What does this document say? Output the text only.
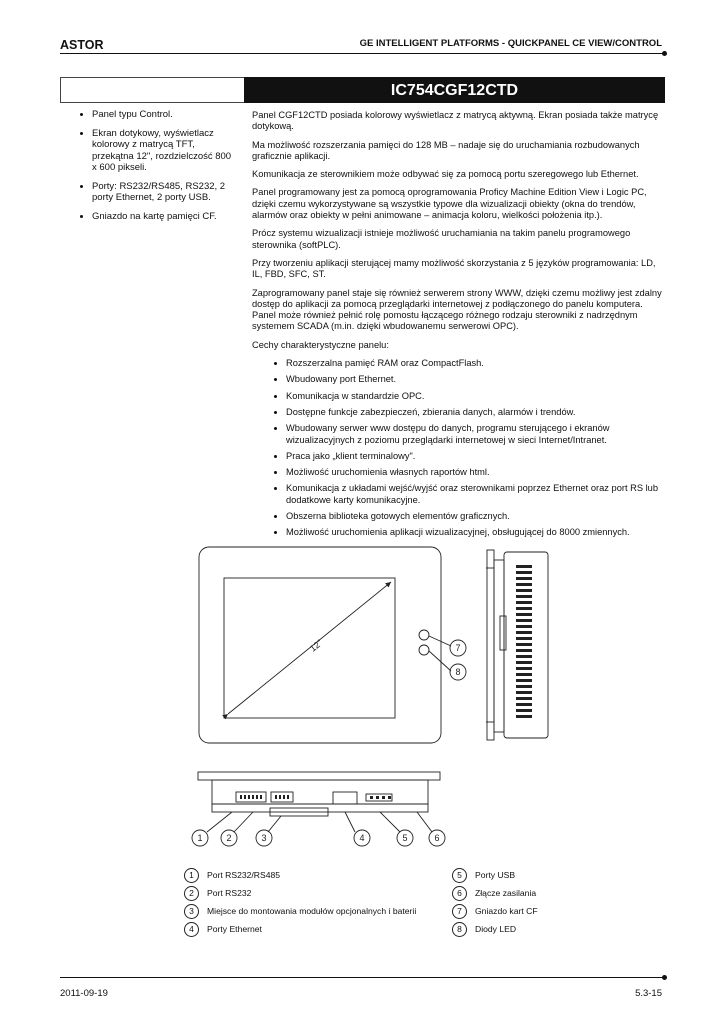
ASTOR	GE INTELLIGENT PLATFORMS - QUICKPANEL CE VIEW/CONTROL
IC754CGF12CTD
• Panel typu Control.
• Ekran dotykowy, wyświetlacz kolorowy z matrycą TFT, przekątna 12", rozdzielczość 800 x 600 pikseli.
• Porty: RS232/RS485, RS232, 2 porty Ethernet, 2 porty USB.
• Gniazdo na kartę pamięci CF.

Panel CGF12CTD posiada kolorowy wyświetlacz z matrycą aktywną. Ekran posiada także matrycę dotykową.

Ma możliwość rozszerzania pamięci do 128 MB – nadaje się do uruchamiania rozbudowanych graficznie aplikacji.

Komunikacja ze sterownikiem może odbywać się za pomocą portu szeregowego lub Ethernet.

Panel programowany jest za pomocą oprogramowania Proficy Machine Edition View i Logic PC, dzięki czemu wykorzystywane są wszystkie typowe dla wizualizacji obiekty (okna do trendów, alarmów oraz obiekty w pełni animowane – animacja koloru, wielkości położenia itp.).

Prócz systemu wizualizacji istnieje możliwość uruchamiania na takim panelu programowego sterownika (softPLC).

Przy tworzeniu aplikacji sterującej mamy możliwość skorzystania z 5 języków programowania: LD, IL, FBD, SFC, ST.

Zaprogramowany panel staje się również serwerem strony WWW, dzięki czemu możliwy jest zdalny dostęp do aplikacji za pomocą przeglądarki internetowej z podłączonego do panelu komputera. Panel może również pełnić rolę pomostu łączącego różnego rodzaju sterowniki z nadrzędnym systemem SCADA (m.in. dzięki wbudowanemu serwerowi OPC).

Cechy charakterystyczne panelu:

• Rozszerzalna pamięć RAM oraz CompactFlash.
• Wbudowany port Ethernet.
• Komunikacja w standardzie OPC.
• Dostępne funkcje zabezpieczeń, zbierania danych, alarmów i trendów.
• Wbudowany serwer www dostępu do danych, programu sterującego i ekranów wizualizacyjnych z poziomu przeglądarki internetowej w sieci Internet/Intranet.
• Praca jako „klient terminalowy".
• Możliwość uruchomienia własnych raportów html.
• Komunikacja z układami wejść/wyjść oraz sterownikami poprzez Ethernet oraz port RS lub dodatkowe karty komunikacyjne.
• Obszerna biblioteka gotowych elementów graficznych.
• Możliwość uruchomienia aplikacji wizualizacyjnej, obsługującej do 8000 zmiennych.
12"	7
8
1	2	3	4	5	6
1	Port RS232/RS485
2	Port RS232
3	Miejsce do montowania modułów opcjonalnych i baterii
4	Porty Ethernet
5	Porty USB
6	Złącze zasilania
7	Gniazdo kart CF
8	Diody LED
2011-09-19	5.3-15
